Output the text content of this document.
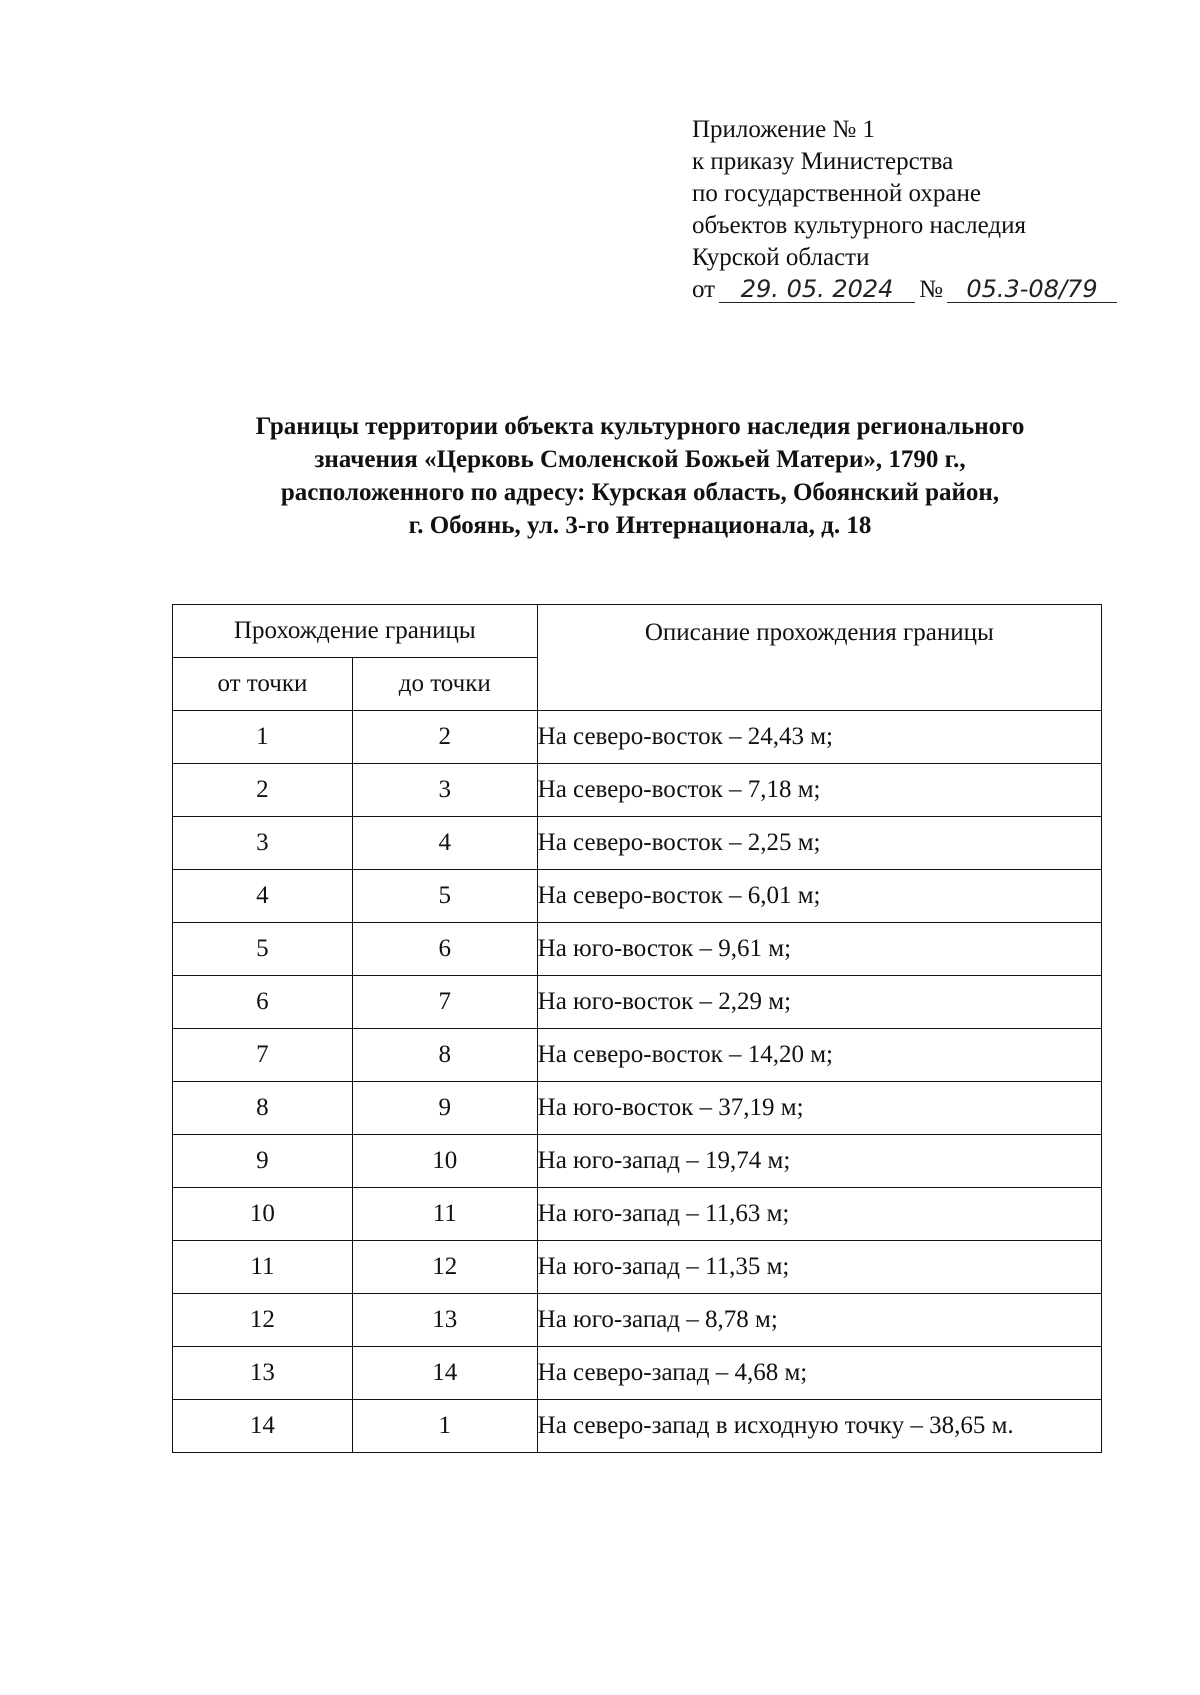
Приложение № 1
к приказу Министерства
по государственной охране
объектов культурного наследия
Курской области
от 29. 05. 2024 № 05.3-08/79
Границы территории объекта культурного наследия регионального
значения «Церковь Смоленской Божьей Матери», 1790 г.,
расположенного по адресу: Курская область, Обоянский район,
г. Обоянь, ул. 3-го Интернационала, д. 18
Прохождение границы		Описание прохождения границы
от точки	до точки	
1	2	На северо-восток – 24,43 м;
2	3	На северо-восток – 7,18 м;
3	4	На северо-восток – 2,25 м;
4	5	На северо-восток – 6,01 м;
5	6	На юго-восток – 9,61 м;
6	7	На юго-восток – 2,29 м;
7	8	На северо-восток – 14,20 м;
8	9	На юго-восток – 37,19 м;
9	10	На юго-запад – 19,74 м;
10	11	На юго-запад – 11,63 м;
11	12	На юго-запад – 11,35 м;
12	13	На юго-запад – 8,78 м;
13	14	На северо-запад – 4,68 м;
14	1	На северо-запад в исходную точку – 38,65 м.
